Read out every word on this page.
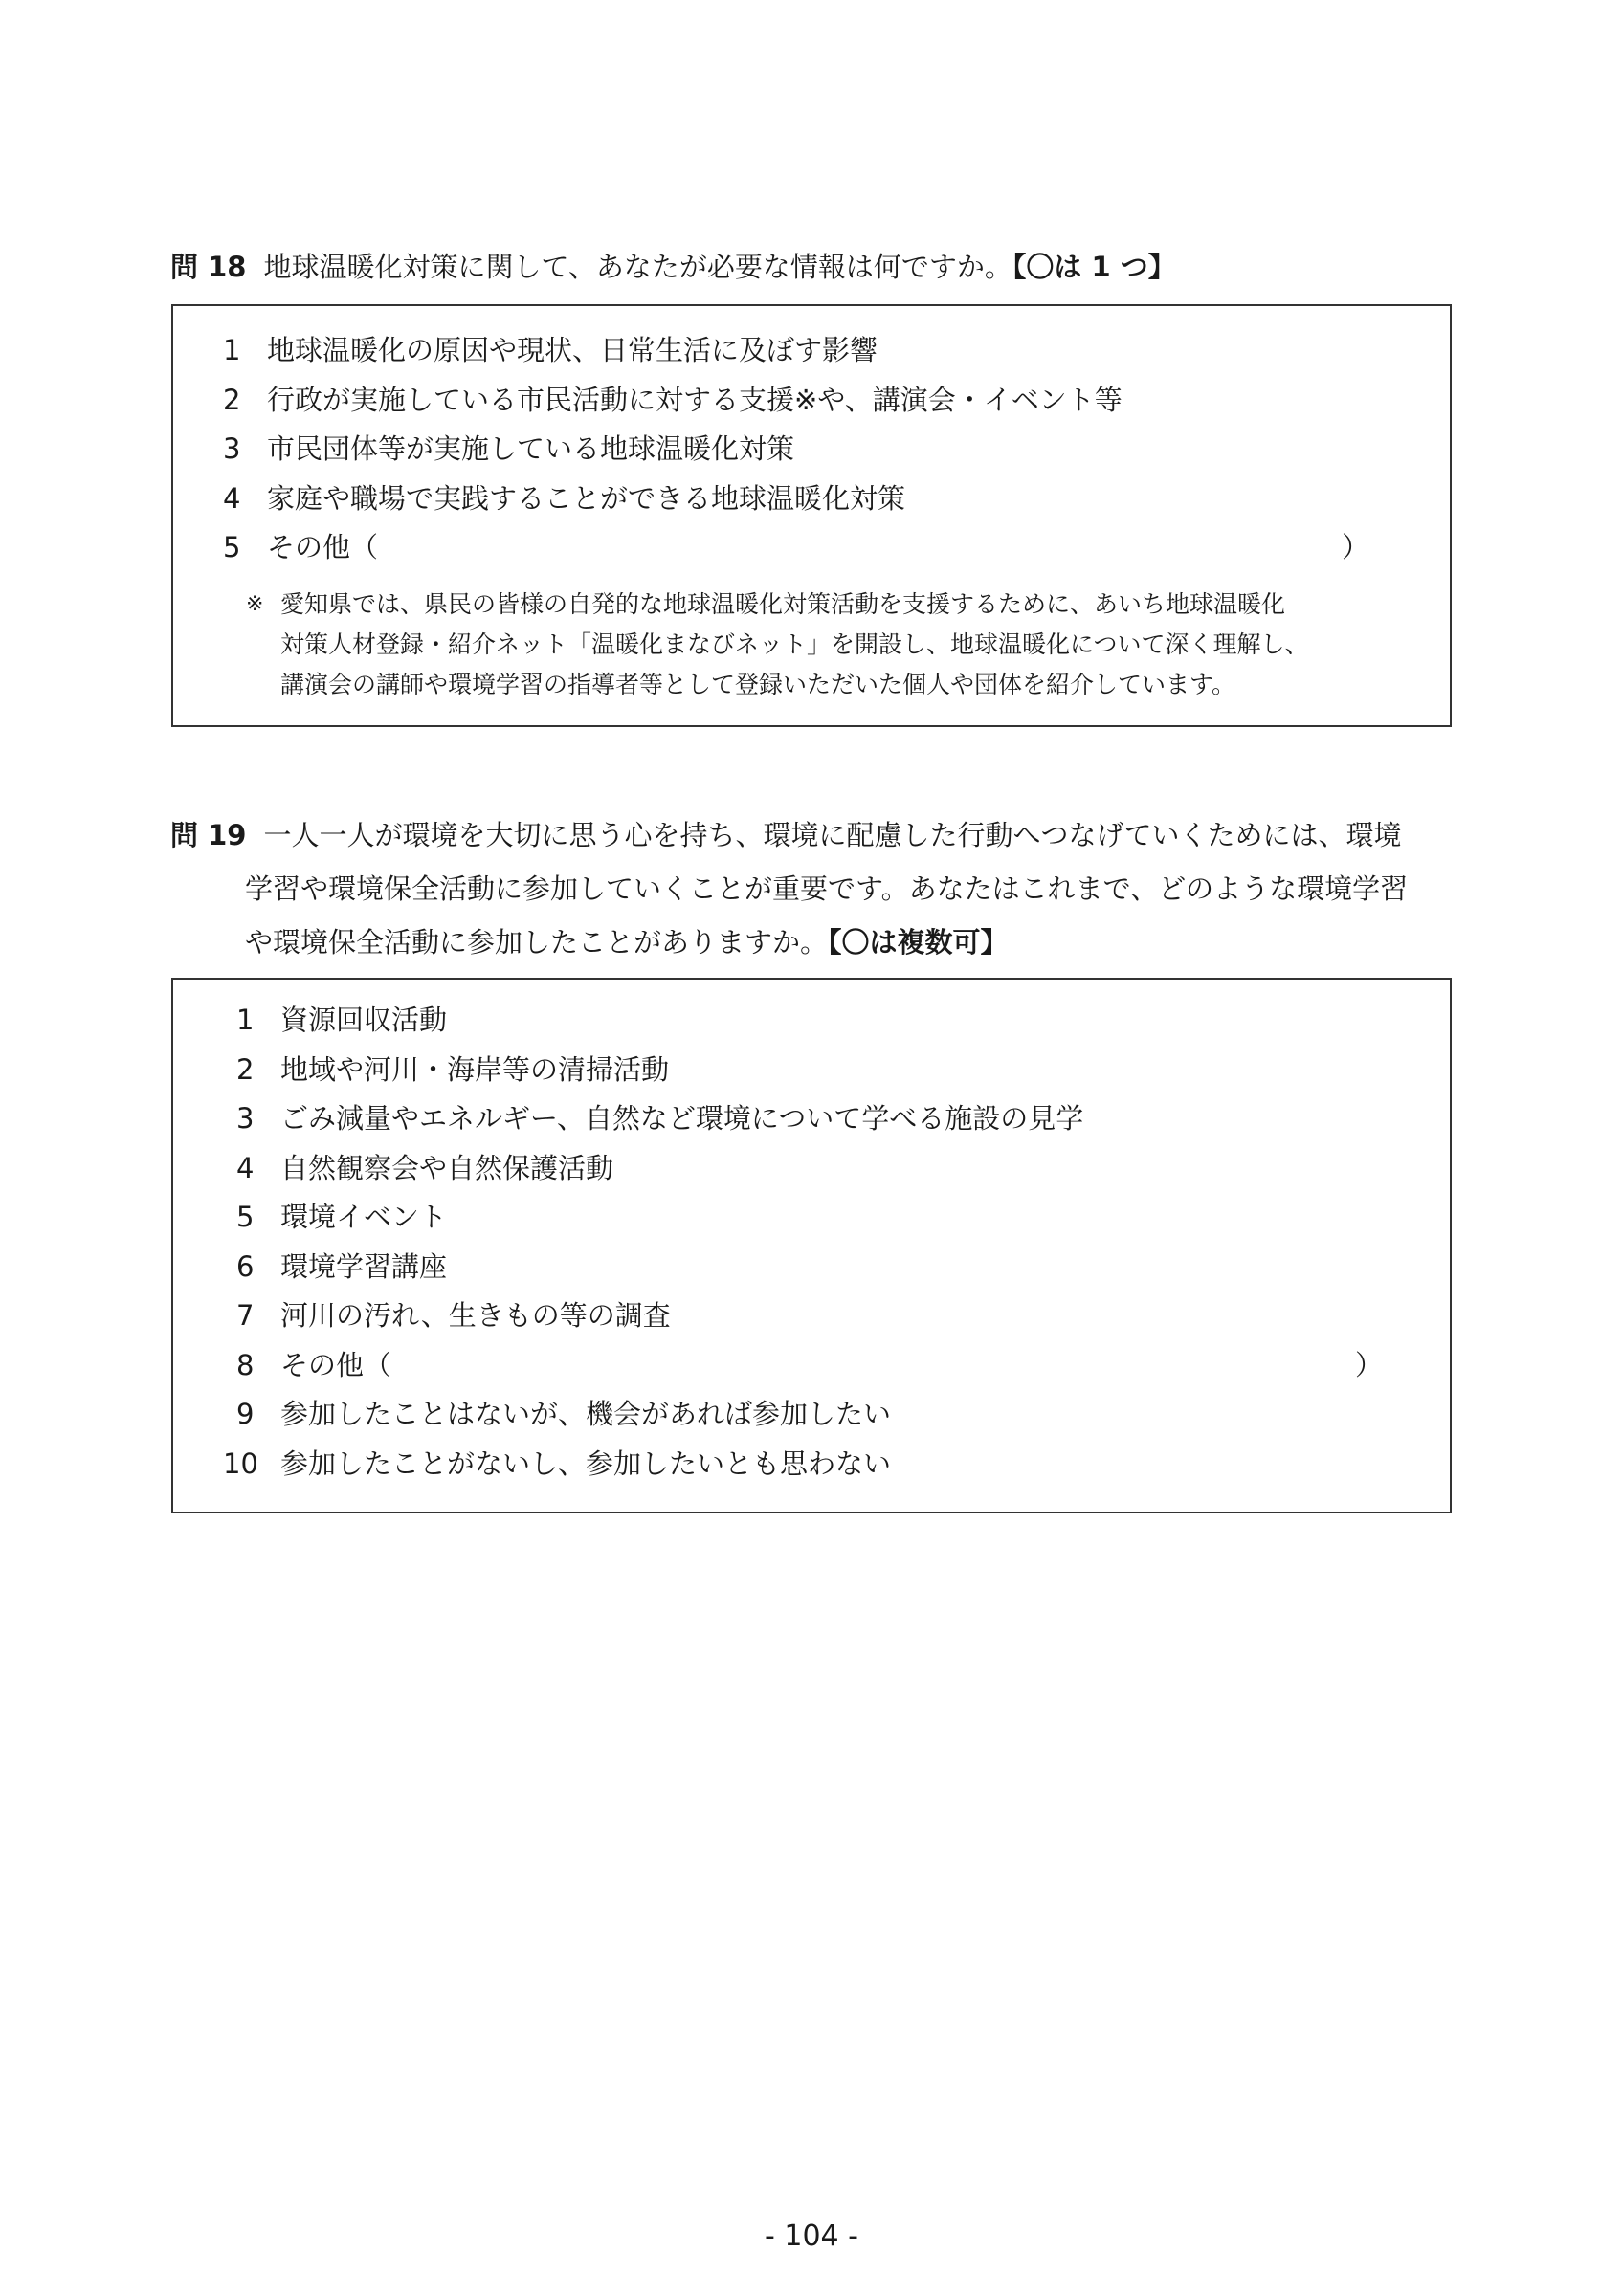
問 18 地球温暖化対策に関して、あなたが必要な情報は何ですか。【〇は 1 つ】
1 地球温暖化の原因や現状、日常生活に及ぼす影響
2 行政が実施している市民活動に対する支援※や、講演会・イベント等
3 市民団体等が実施している地球温暖化対策
4 家庭や職場で実践することができる地球温暖化対策
5 その他（	）
※ 愛知県では、県民の皆様の自発的な地球温暖化対策活動を支援するために、あいち地球温暖化
対策人材登録・紹介ネット「温暖化まなびネット」を開設し、地球温暖化について深く理解し、
講演会の講師や環境学習の指導者等として登録いただいた個人や団体を紹介しています。
問 19 一人一人が環境を大切に思う心を持ち、環境に配慮した行動へつなげていくためには、環境
学習や環境保全活動に参加していくことが重要です。あなたはこれまで、どのような環境学習
や環境保全活動に参加したことがありますか。【〇は複数可】
1 資源回収活動
2 地域や河川・海岸等の清掃活動
3 ごみ減量やエネルギー、自然など環境について学べる施設の見学
4 自然観察会や自然保護活動
5 環境イベント
6 環境学習講座
7 河川の汚れ、生きもの等の調査
8 その他（	）
9 参加したことはないが、機会があれば参加したい
10 参加したことがないし、参加したいとも思わない
- 104 -
